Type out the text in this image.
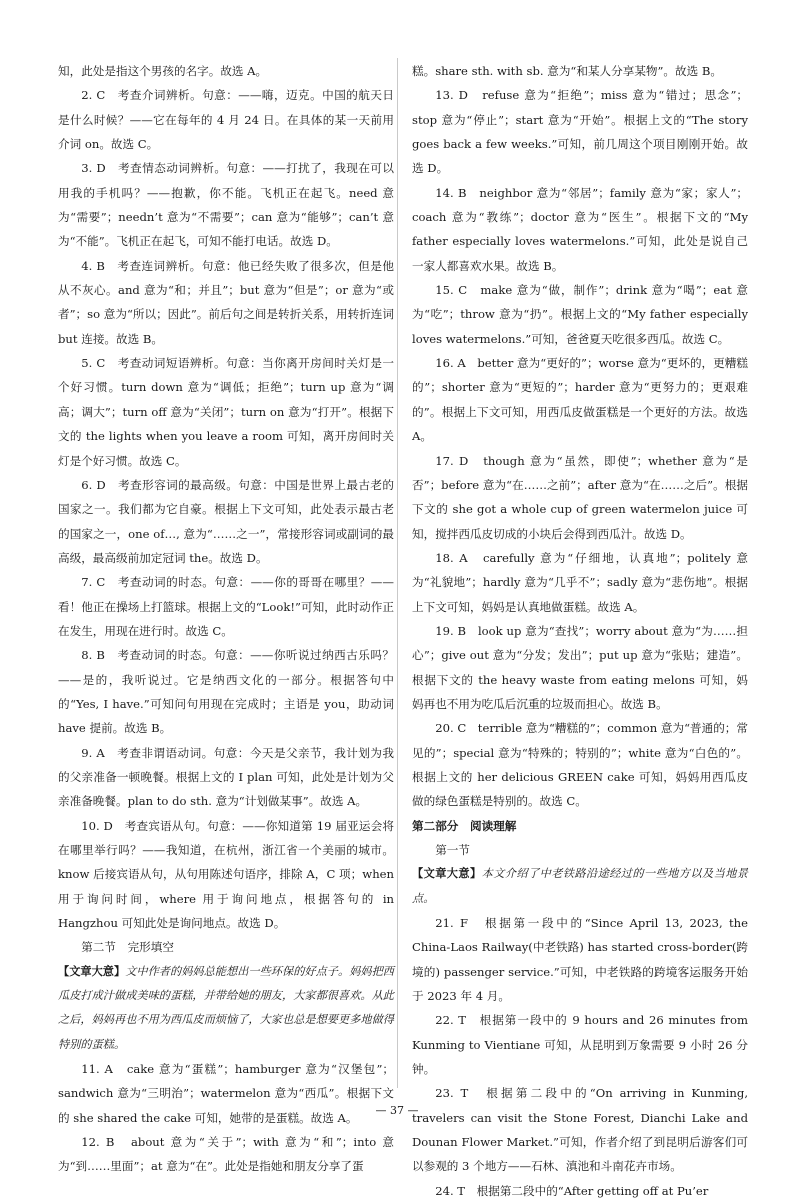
知，此处是指这个男孩的名字。故选 A。

2. C　考查介词辨析。句意：——嗨，迈克。中国的航天日是什么时候？——它在每年的 4 月 24 日。在具体的某一天前用介词 on。故选 C。

3. D　考查情态动词辨析。句意：——打扰了，我现在可以用我的手机吗？——抱歉，你不能。飞机正在起飞。need 意为“需要”；needn’t 意为“不需要”；can 意为“能够”；can’t 意为“不能”。飞机正在起飞，可知不能打电话。故选 D。

4. B　考查连词辨析。句意：他已经失败了很多次，但是他从不灰心。and 意为“和；并且”；but 意为“但是”；or 意为“或者”；so 意为“所以；因此”。前后句之间是转折关系，用转折连词 but 连接。故选 B。

5. C　考查动词短语辨析。句意：当你离开房间时关灯是一个好习惯。turn down 意为“调低；拒绝”；turn up 意为“调高；调大”；turn off 意为“关闭”；turn on 意为“打开”。根据下文的 the lights when you leave a room 可知，离开房间时关灯是个好习惯。故选 C。

6. D　考查形容词的最高级。句意：中国是世界上最古老的国家之一。我们都为它自豪。根据上下文可知，此处表示最古老的国家之一，one of…, 意为“……之一”，常接形容词或副词的最高级，最高级前加定冠词 the。故选 D。

7. C　考查动词的时态。句意：——你的哥哥在哪里？——看！他正在操场上打篮球。根据上文的“Look!”可知，此时动作正在发生，用现在进行时。故选 C。

8. B　考查动词的时态。句意：——你听说过纳西古乐吗？——是的，我听说过。它是纳西文化的一部分。根据答句中的“Yes, I have.”可知问句用现在完成时；主语是 you，助动词 have 提前。故选 B。

9. A　考查非谓语动词。句意：今天是父亲节，我计划为我的父亲准备一顿晚餐。根据上文的 I plan 可知，此处是计划为父亲准备晚餐。plan to do sth. 意为“计划做某事”。故选 A。

10. D　考查宾语从句。句意：——你知道第 19 届亚运会将在哪里举行吗？——我知道，在杭州，浙江省一个美丽的城市。know 后接宾语从句，从句用陈述句语序，排除 A，C 项；when 用于询问时间，where 用于询问地点，根据答句的 in Hangzhou 可知此处是询问地点。故选 D。

第二节　完形填空

【文章大意】文中作者的妈妈总能想出一些环保的好点子。妈妈把西瓜皮打成汁做成美味的蛋糕，并带给她的朋友，大家都很喜欢。从此之后，妈妈再也不用为西瓜皮而烦恼了，大家也总是想要更多地做得特别的蛋糕。

11. A　cake 意为“蛋糕”；hamburger 意为“汉堡包”；sandwich 意为“三明治”；watermelon 意为“西瓜”。根据下文的 she shared the cake 可知，她带的是蛋糕。故选 A。

12. B　about 意为“关于”；with 意为“和”；into 意为“到……里面”；at 意为“在”。此处是指她和朋友分享了蛋

糕。share sth. with sb. 意为“和某人分享某物”。故选 B。

13. D　refuse 意为“拒绝”；miss 意为“错过；思念”；stop 意为“停止”；start 意为“开始”。根据上文的“The story goes back a few weeks.”可知，前几周这个项目刚刚开始。故选 D。

14. B　neighbor 意为“邻居”；family 意为“家；家人”；coach 意为“教练”；doctor 意为“医生”。根据下文的“My father especially loves watermelons.”可知，此处是说自己一家人都喜欢水果。故选 B。

15. C　make 意为“做，制作”；drink 意为“喝”；eat 意为“吃”；throw 意为“扔”。根据上文的“My father especially loves watermelons.”可知，爸爸夏天吃很多西瓜。故选 C。

16. A　better 意为“更好的”；worse 意为“更坏的，更糟糕的”；shorter 意为“更短的”；harder 意为“更努力的；更艰难的”。根据上下文可知，用西瓜皮做蛋糕是一个更好的方法。故选 A。

17. D　though 意为“虽然，即使”；whether 意为“是否”；before 意为“在……之前”；after 意为“在……之后”。根据下文的 she got a whole cup of green watermelon juice 可知，搅拌西瓜皮切成的小块后会得到西瓜汁。故选 D。

18. A　carefully 意为“仔细地，认真地”；politely 意为“礼貌地”；hardly 意为“几乎不”；sadly 意为“悲伤地”。根据上下文可知，妈妈是认真地做蛋糕。故选 A。

19. B　look up 意为“查找”；worry about 意为“为……担心”；give out 意为“分发；发出”；put up 意为“张贴；建造”。根据下文的 the heavy waste from eating melons 可知，妈妈再也不用为吃瓜后沉重的垃圾而担心。故选 B。

20. C　terrible 意为“糟糕的”；common 意为“普通的；常见的”；special 意为“特殊的；特别的”；white 意为“白色的”。根据上文的 her delicious GREEN cake 可知，妈妈用西瓜皮做的绿色蛋糕是特别的。故选 C。

第二部分　阅读理解

第一节

【文章大意】本文介绍了中老铁路沿途经过的一些地方以及当地景点。

21. F　根据第一段中的“Since April 13, 2023, the China-Laos Railway(中老铁路) has started cross-border(跨境的) passenger service.”可知，中老铁路的跨境客运服务开始于 2023 年 4 月。

22. T　根据第一段中的 9 hours and 26 minutes from Kunming to Vientiane 可知，从昆明到万象需要 9 小时 26 分钟。

23. T　根据第二段中的“On arriving in Kunming, travelers can visit the Stone Forest, Dianchi Lake and Dounan Flower Market.”可知，作者介绍了到昆明后游客们可以参观的 3 个地方——石林、滇池和斗南花卉市场。

24. T　根据第二段中的“After getting off at Pu’er

— 37 —
